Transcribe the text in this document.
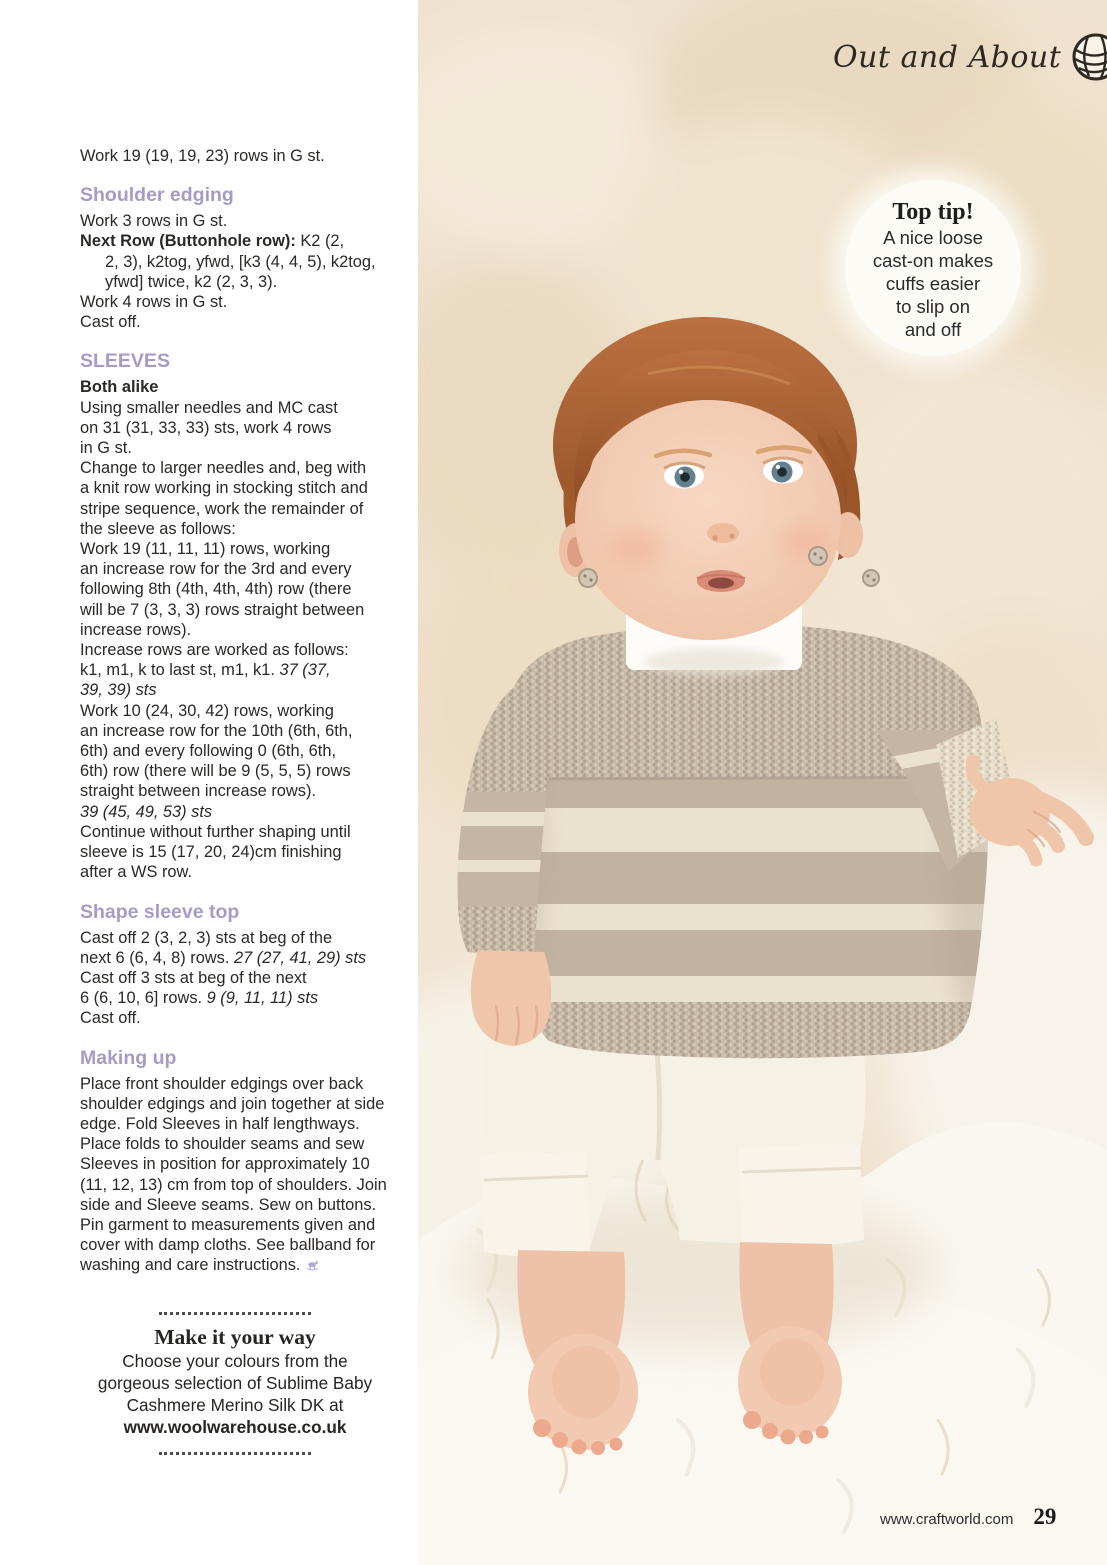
Out and About
Top tip!
A nice loose
cast-on makes
cuffs easier
to slip on
and off
Work 19 (19, 19, 23) rows in G st.
Shoulder edging
Work 3 rows in G st.
Next Row (Buttonhole row): K2 (2,
2, 3), k2tog, yfwd, [k3 (4, 4, 5), k2tog,
yfwd] twice, k2 (2, 3, 3).
Work 4 rows in G st.
Cast off.
SLEEVES
Both alike
Using smaller needles and MC cast
on 31 (31, 33, 33) sts, work 4 rows
in G st.
Change to larger needles and, beg with
a knit row working in stocking stitch and
stripe sequence, work the remainder of
the sleeve as follows:
Work 19 (11, 11, 11) rows, working
an increase row for the 3rd and every
following 8th (4th, 4th, 4th) row (there
will be 7 (3, 3, 3) rows straight between
increase rows).
Increase rows are worked as follows:
k1, m1, k to last st, m1, k1. 37 (37,
39, 39) sts
Work 10 (24, 30, 42) rows, working
an increase row for the 10th (6th, 6th,
6th) and every following 0 (6th, 6th,
6th) row (there will be 9 (5, 5, 5) rows
straight between increase rows).
39 (45, 49, 53) sts
Continue without further shaping until
sleeve is 15 (17, 20, 24)cm finishing
after a WS row.
Shape sleeve top
Cast off 2 (3, 2, 3) sts at beg of the
next 6 (6, 4, 8) rows. 27 (27, 41, 29) sts
Cast off 3 sts at beg of the next
6 (6, 10, 6] rows. 9 (9, 11, 11) sts
Cast off.
Making up
Place front shoulder edgings over back
shoulder edgings and join together at side
edge. Fold Sleeves in half lengthways.
Place folds to shoulder seams and sew
Sleeves in position for approximately 10
(11, 12, 13) cm from top of shoulders. Join
side and Sleeve seams. Sew on buttons.
Pin garment to measurements given and
cover with damp cloths. See ballband for
washing and care instructions.
Make it your way
Choose your colours from the
gorgeous selection of Sublime Baby
Cashmere Merino Silk DK at
www.woolwarehouse.co.uk
www.craftworld.com 29
